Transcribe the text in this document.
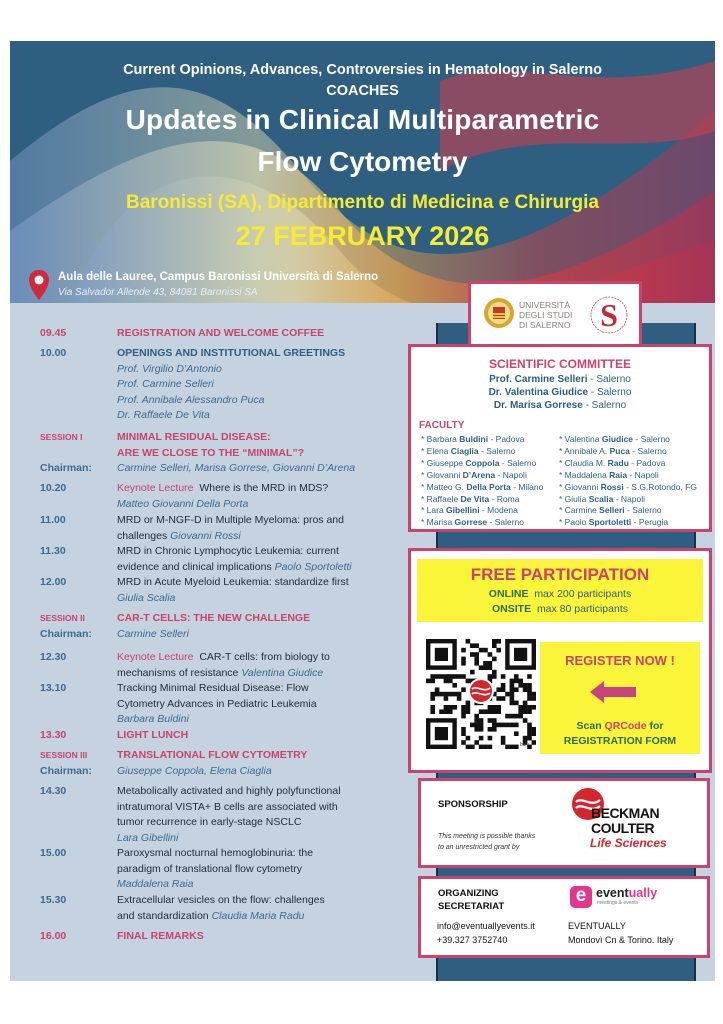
Current Opinions, Advances, Controversies in Hematology in Salerno
COACHES
Updates in Clinical Multiparametric
Flow Cytometry
Baronissi (SA), Dipartimento di Medicina e Chirurgia
27 FEBRUARY 2026
Aula delle Lauree, Campus Baronissi Università di Salerno
Via Salvador Allende 43, 84081 Baronissi SA
UNIVERSITÀ
DEGLI STUDI
DI SALERNO S
SCIENTIFIC COMMITTEE
Prof. Carmine Selleri - Salerno
Dr. Valentina Giudice - Salerno
Dr. Marisa Gorrese - Salerno
FACULTY
* Barbara Buldini - Padova
* Elena Ciaglia - Salerno
* Giuseppe Coppola - Salerno
* Giovanni D’Arena - Napoli
* Matteo G. Della Porta - Milano
* Raffaele De Vita - Roma
* Lara Gibellini - Modena
* Marisa Gorrese - Salerno
* Valentina Giudice - Salerno
* Annibale A. Puca - Salerno
* Claudia M. Radu - Padova
* Maddalena Raia - Napoli
* Giovanni Rossi - S.G.Rotondo, FG
* Giulia Scalia - Napoli
* Carmine Selleri - Salerno
* Paolo Sportoletti - Perugia
FREE PARTICIPATION
ONLINE max 200 participants
ONSITE max 80 participants
bitly
REGISTER NOW !
Scan QRCode for
REGISTRATION FORM
SPONSORSHIP
This meeting is possible thanks
to an unrestricted grant by
BECKMAN
COULTER
Life Sciences
ORGANIZING
SECRETARIAT
info@eventuallyevents.it
+39.327 3752740
e eventually
meetings & events
EVENTUALLY
Mondovì Cn & Torino. Italy
09.45	REGISTRATION AND WELCOME COFFEE
10.00	OPENINGS AND INSTITUTIONAL GREETINGS
Prof. Virgilio D’Antonio
Prof. Carmine Selleri
Prof. Annibale Alessandro Puca
Dr. Raffaele De Vita
SESSION I	MINIMAL RESIDUAL DISEASE:
ARE WE CLOSE TO THE “MINIMAL”?
Chairman: Carmine Selleri, Marisa Gorrese, Giovanni D’Arena
10.20	Keynote Lecture Where is the MRD in MDS?
Matteo Giovanni Della Porta
11.00	MRD or M-NGF-D in Multiple Myeloma: pros and
challenges Giovanni Rossi
11.30	MRD in Chronic Lymphocytic Leukemia: current
evidence and clinical implications Paolo Sportoletti
12.00	MRD in Acute Myeloid Leukemia: standardize first
Giulia Scalia
SESSION II	CAR-T CELLS: THE NEW CHALLENGE
Chairman: Carmine Selleri
12.30	Keynote Lecture CAR-T cells: from biology to
mechanisms of resistance Valentina Giudice
13.10	Tracking Minimal Residual Disease: Flow
Cytometry Advances in Pediatric Leukemia
Barbara Buldini
13.30	LIGHT LUNCH
SESSION III	TRANSLATIONAL FLOW CYTOMETRY
Chairman: Giuseppe Coppola, Elena Ciaglia
14.30	Metabolically activated and highly polyfunctional
intratumoral VISTA+ B cells are associated with
tumor recurrence in early-stage NSCLC
Lara Gibellini
15.00	Paroxysmal nocturnal hemoglobinuria: the
paradigm of translational flow cytometry
Maddalena Raia
15.30	Extracellular vesicles on the flow: challenges
and standardization Claudia Maria Radu
16.00	FINAL REMARKS
